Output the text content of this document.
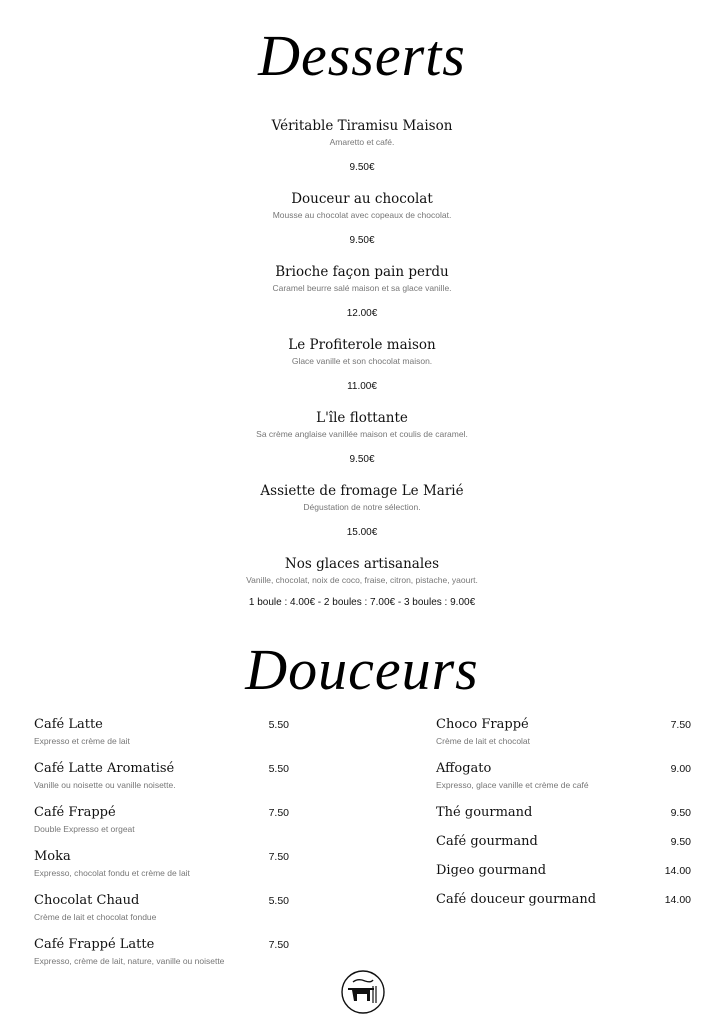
Desserts
Véritable Tiramisu Maison
Amaretto et café.
9.50€
Douceur au chocolat
Mousse au chocolat avec copeaux de chocolat.
9.50€
Brioche façon pain perdu
Caramel beurre salé maison et sa glace vanille.
12.00€
Le Profiterole maison
Glace vanille et son chocolat maison.
11.00€
L'île flottante
Sa crème anglaise vanillée maison et coulis de caramel.
9.50€
Assiette de fromage Le Marié
Dégustation de notre sélection.
15.00€
Nos glaces artisanales
Vanille, chocolat, noix de coco, fraise, citron, pistache, yaourt.
1 boule : 4.00€ - 2 boules : 7.00€ - 3 boules : 9.00€
Douceurs
Café Latte
Expresso et crème de lait
5.50
Café Latte Aromatisé
Vanille ou noisette ou vanille noisette.
5.50
Café Frappé
Double Expresso et orgeat
7.50
Moka
Expresso, chocolat fondu et crème de lait
7.50
Chocolat Chaud
Crème de lait et chocolat fondue
5.50
Café Frappé Latte
Expresso, crème de lait, nature, vanille ou noisette
7.50
Choco Frappé
Crème de lait et chocolat
7.50
Affogato
Expresso, glace vanille et crème de café
9.00
Thé gourmand	9.50
Café gourmand	9.50
Digeo gourmand	14.00
Café douceur gourmand	14.00
